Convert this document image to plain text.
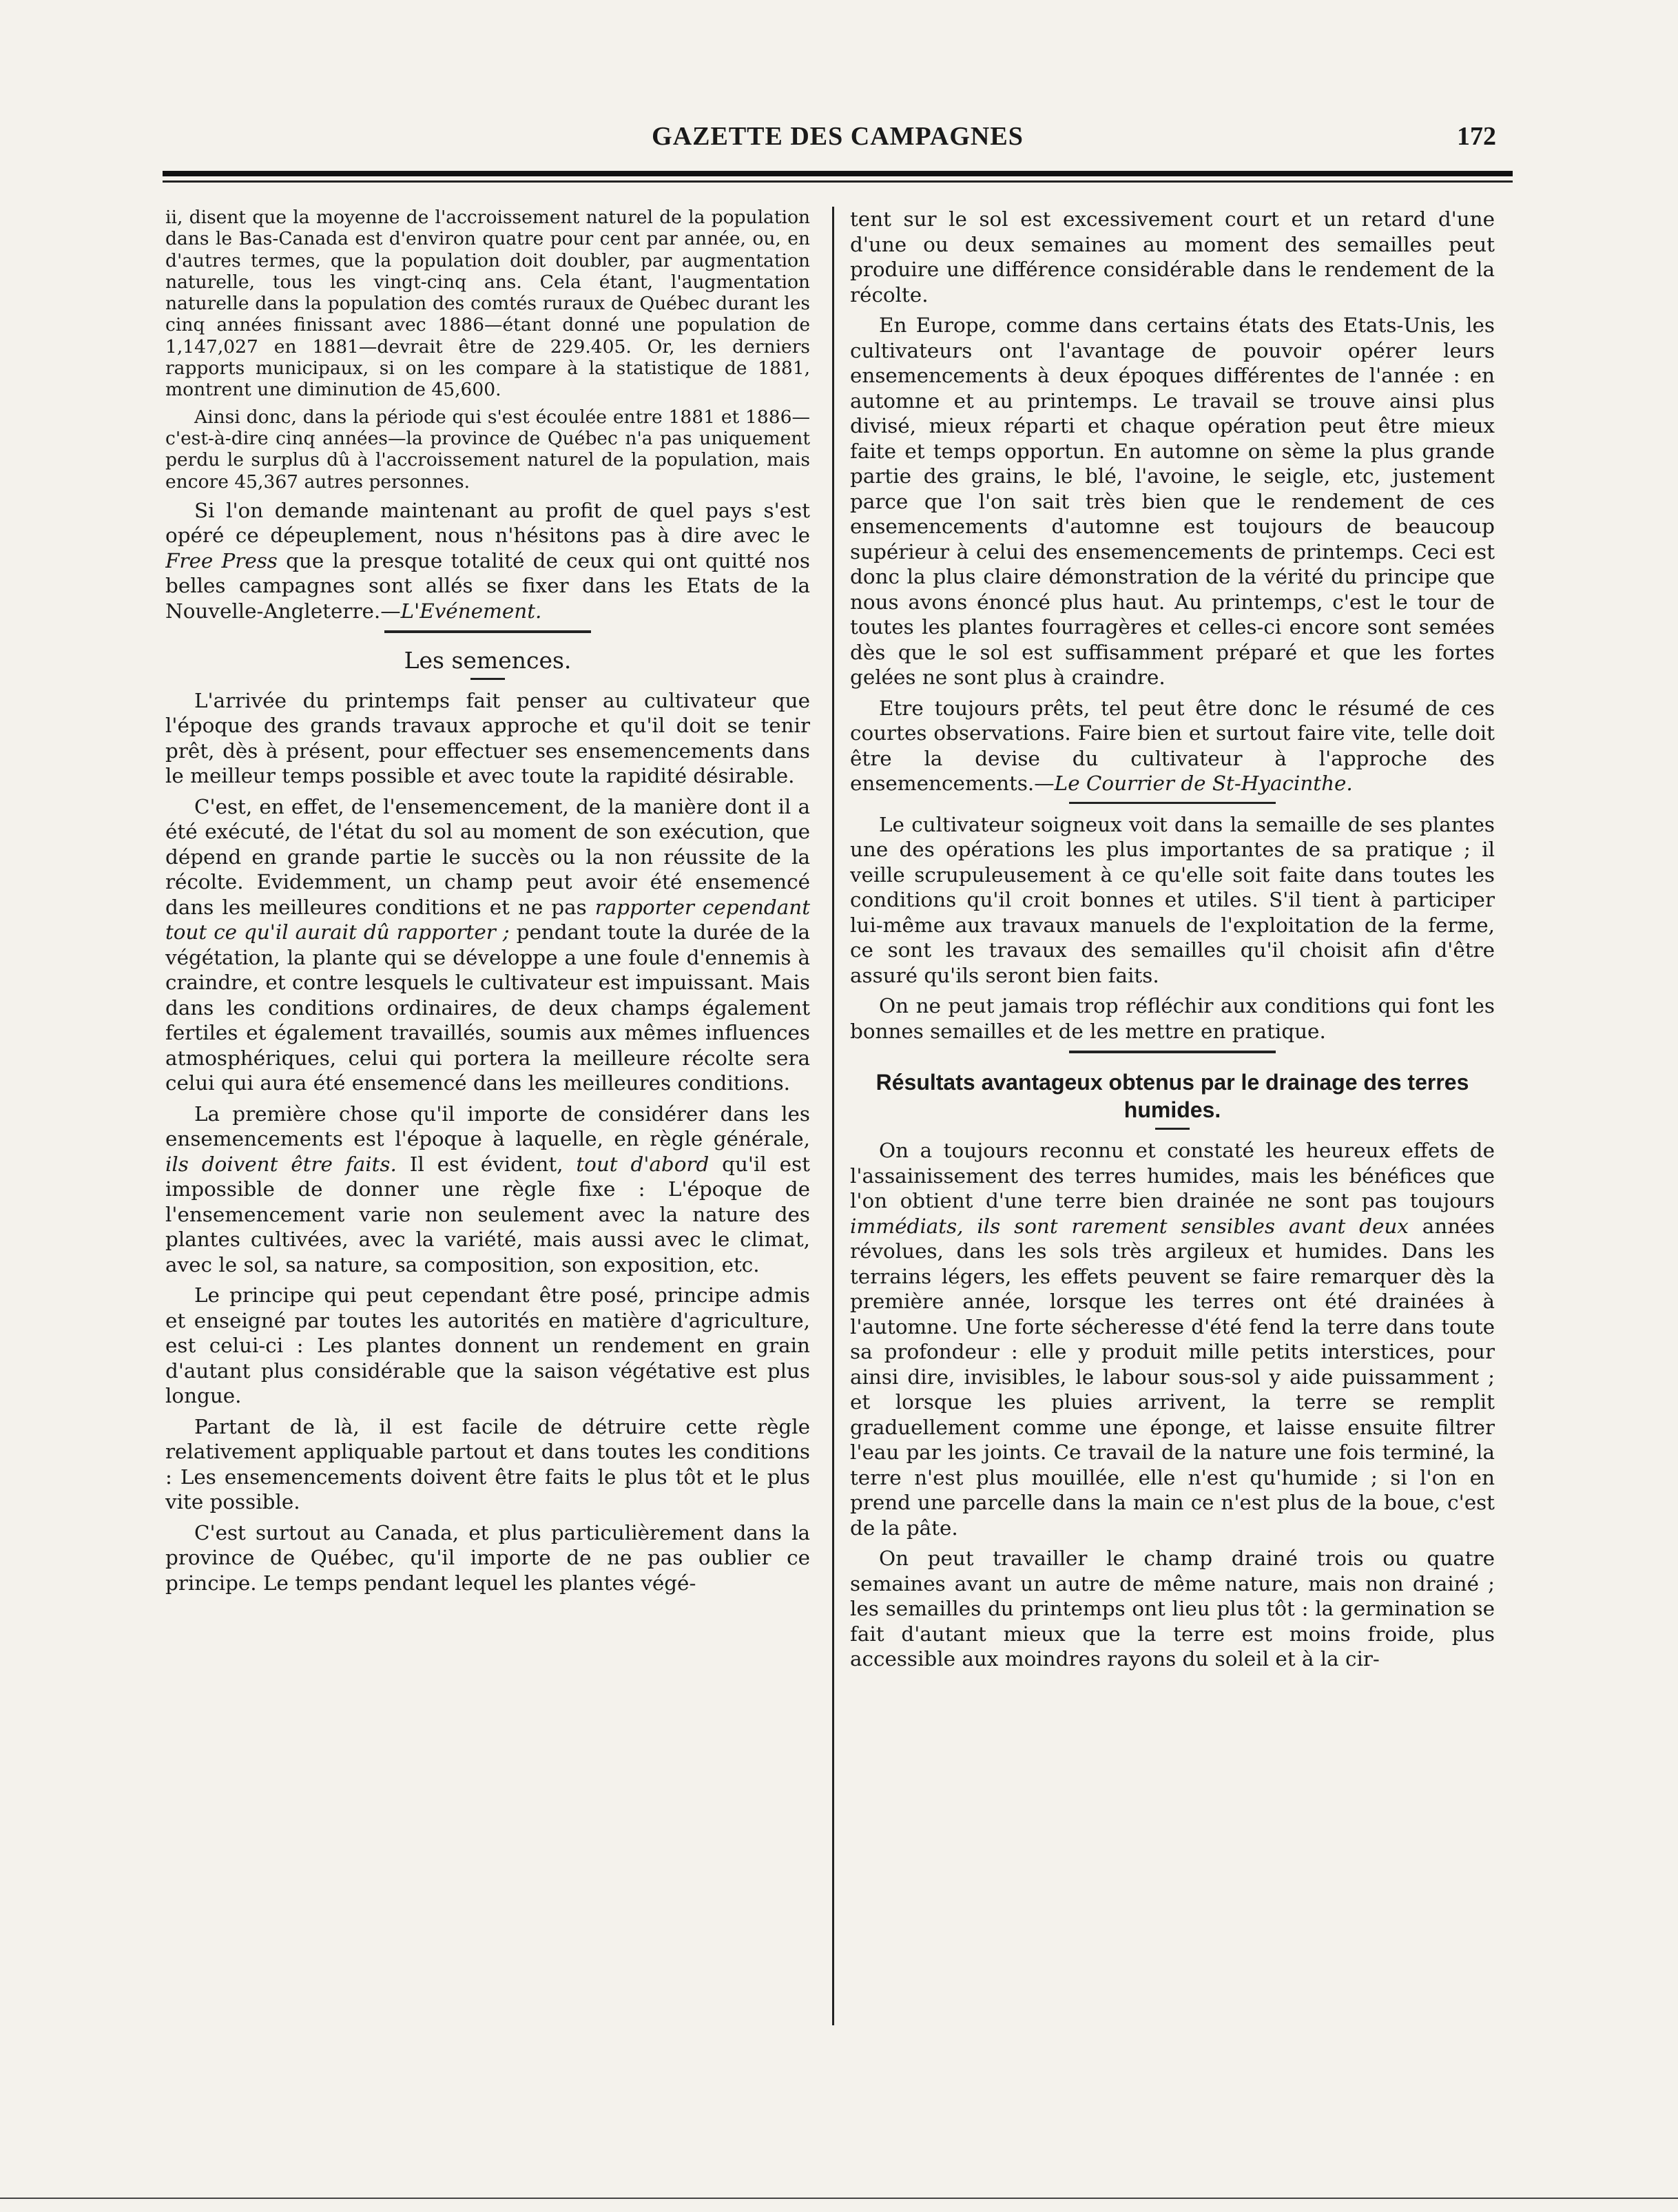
GAZETTE DES CAMPAGNES	172

ii, disent que la moyenne de l'accroissement naturel de la population dans le Bas-Canada est d'environ quatre pour cent par année, ou, en d'autres termes, que la population doit doubler, par augmentation naturelle, tous les vingt-cinq ans. Cela étant, l'augmentation naturelle dans la population des comtés ruraux de Québec durant les cinq années finissant avec 1886—étant donné une population de 1,147,027 en 1881—devrait être de 229.405. Or, les derniers rapports municipaux, si on les compare à la statistique de 1881, montrent une diminution de 45,600.

Ainsi donc, dans la période qui s'est écoulée entre 1881 et 1886—c'est-à-dire cinq années—la province de Québec n'a pas uniquement perdu le surplus dû à l'accroissement naturel de la population, mais encore 45,367 autres personnes.

Si l'on demande maintenant au profit de quel pays s'est opéré ce dépeuplement, nous n'hésitons pas à dire avec le Free Press que la presque totalité de ceux qui ont quitté nos belles campagnes sont allés se fixer dans les Etats de la Nouvelle-Angleterre.—L'Evénement.

Les semences.

L'arrivée du printemps fait penser au cultivateur que l'époque des grands travaux approche et qu'il doit se tenir prêt, dès à présent, pour effectuer ses ensemencements dans le meilleur temps possible et avec toute la rapidité désirable.

C'est, en effet, de l'ensemencement, de la manière dont il a été exécuté, de l'état du sol au moment de son exécution, que dépend en grande partie le succès ou la non réussite de la récolte. Evidemment, un champ peut avoir été ensemencé dans les meilleures conditions et ne pas rapporter cependant tout ce qu'il aurait dû rapporter ; pendant toute la durée de la végétation, la plante qui se développe a une foule d'ennemis à craindre, et contre lesquels le cultivateur est impuissant. Mais dans les conditions ordinaires, de deux champs également fertiles et également travaillés, soumis aux mêmes influences atmosphériques, celui qui portera la meilleure récolte sera celui qui aura été ensemencé dans les meilleures conditions.

La première chose qu'il importe de considérer dans les ensemencements est l'époque à laquelle, en règle générale, ils doivent être faits. Il est évident, tout d'abord qu'il est impossible de donner une règle fixe : L'époque de l'ensemencement varie non seulement avec la nature des plantes cultivées, avec la variété, mais aussi avec le climat, avec le sol, sa nature, sa composition, son exposition, etc.

Le principe qui peut cependant être posé, principe admis et enseigné par toutes les autorités en matière d'agriculture, est celui-ci : Les plantes donnent un rendement en grain d'autant plus considérable que la saison végétative est plus longue.

Partant de là, il est facile de détruire cette règle relativement appliquable partout et dans toutes les conditions : Les ensemencements doivent être faits le plus tôt et le plus vite possible.

C'est surtout au Canada, et plus particulièrement dans la province de Québec, qu'il importe de ne pas oublier ce principe. Le temps pendant lequel les plantes végé-

tent sur le sol est excessivement court et un retard d'une d'une ou deux semaines au moment des semailles peut produire une différence considérable dans le rendement de la récolte.

En Europe, comme dans certains états des Etats-Unis, les cultivateurs ont l'avantage de pouvoir opérer leurs ensemencements à deux époques différentes de l'année : en automne et au printemps. Le travail se trouve ainsi plus divisé, mieux réparti et chaque opération peut être mieux faite et temps opportun. En automne on sème la plus grande partie des grains, le blé, l'avoine, le seigle, etc, justement parce que l'on sait très bien que le rendement de ces ensemencements d'automne est toujours de beaucoup supérieur à celui des ensemencements de printemps. Ceci est donc la plus claire démonstration de la vérité du principe que nous avons énoncé plus haut. Au printemps, c'est le tour de toutes les plantes fourragères et celles-ci encore sont semées dès que le sol est suffisamment préparé et que les fortes gelées ne sont plus à craindre.

Etre toujours prêts, tel peut être donc le résumé de ces courtes observations. Faire bien et surtout faire vite, telle doit être la devise du cultivateur à l'approche des ensemencements.—Le Courrier de St-Hyacinthe.

Le cultivateur soigneux voit dans la semaille de ses plantes une des opérations les plus importantes de sa pratique ; il veille scrupuleusement à ce qu'elle soit faite dans toutes les conditions qu'il croit bonnes et utiles. S'il tient à participer lui-même aux travaux manuels de l'exploitation de la ferme, ce sont les travaux des semailles qu'il choisit afin d'être assuré qu'ils seront bien faits.

On ne peut jamais trop réfléchir aux conditions qui font les bonnes semailles et de les mettre en pratique.

Résultats avantageux obtenus par le drainage des terres humides.

On a toujours reconnu et constaté les heureux effets de l'assainissement des terres humides, mais les bénéfices que l'on obtient d'une terre bien drainée ne sont pas toujours immédiats, ils sont rarement sensibles avant deux années révolues, dans les sols très argileux et humides. Dans les terrains légers, les effets peuvent se faire remarquer dès la première année, lorsque les terres ont été drainées à l'automne. Une forte sécheresse d'été fend la terre dans toute sa profondeur : elle y produit mille petits interstices, pour ainsi dire, invisibles, le labour sous-sol y aide puissamment ; et lorsque les pluies arrivent, la terre se remplit graduellement comme une éponge, et laisse ensuite filtrer l'eau par les joints. Ce travail de la nature une fois terminé, la terre n'est plus mouillée, elle n'est qu'humide ; si l'on en prend une parcelle dans la main ce n'est plus de la boue, c'est de la pâte.

On peut travailler le champ drainé trois ou quatre semaines avant un autre de même nature, mais non drainé ; les semailles du printemps ont lieu plus tôt : la germination se fait d'autant mieux que la terre est moins froide, plus accessible aux moindres rayons du soleil et à la cir-
